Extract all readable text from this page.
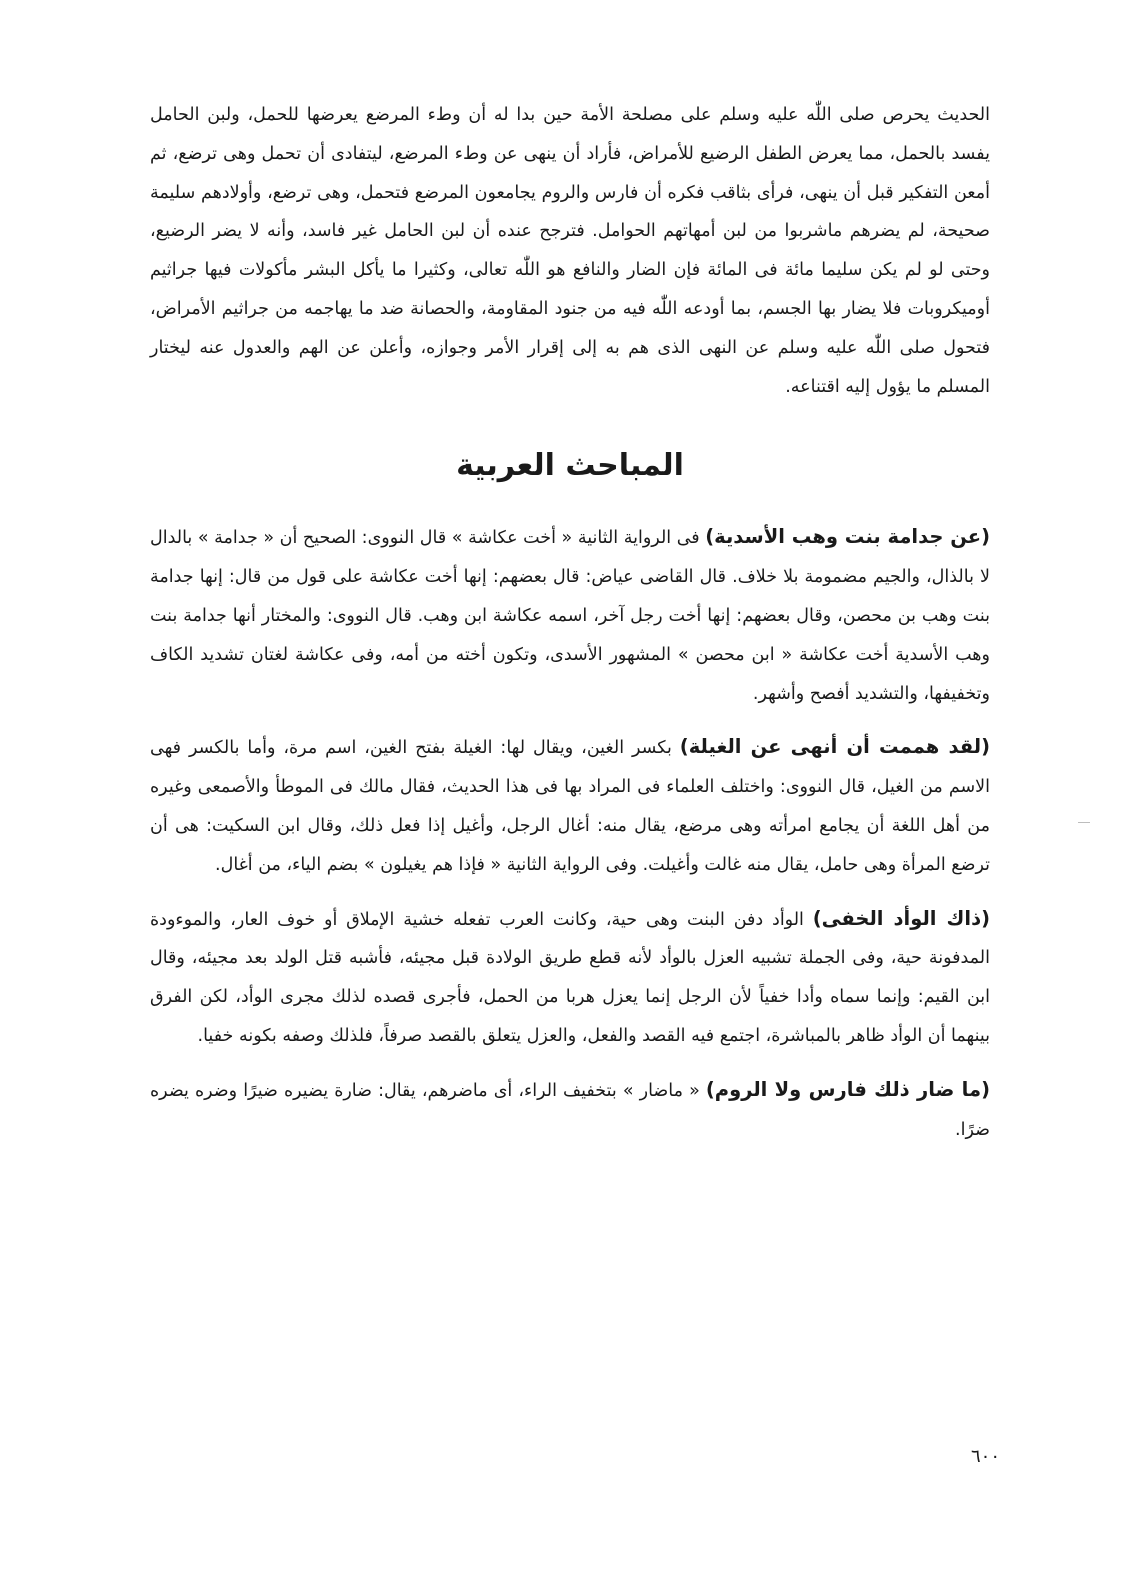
الحديث يحرص صلى اللّٰه عليه وسلم على مصلحة الأمة حين بدا له أن وطء المرضع يعرضها للحمل، ولبن الحامل يفسد بالحمل، مما يعرض الطفل الرضيع للأمراض، فأراد أن ينهى عن وطء المرضع، ليتفادى أن تحمل وهى ترضع، ثم أمعن التفكير قبل أن ينهى، فرأى بثاقب فكره أن فارس والروم يجامعون المرضع فتحمل، وهى ترضع، وأولادهم سليمة صحيحة، لم يضرهم ماشربوا من لبن أمهاتهم الحوامل. فترجح عنده أن لبن الحامل غير فاسد، وأنه لا يضر الرضيع، وحتى لو لم يكن سليما مائة فى المائة فإن الضار والنافع هو اللّٰه تعالى، وكثيرا ما يأكل البشر مأكولات فيها جراثيم أوميكروبات فلا يضار بها الجسم، بما أودعه اللّٰه فيه من جنود المقاومة، والحصانة ضد ما يهاجمه من جراثيم الأمراض، فتحول صلى اللّٰه عليه وسلم عن النهى الذى هم به إلى إقرار الأمر وجوازه، وأعلن عن الهم والعدول عنه ليختار المسلم ما يؤول إليه اقتناعه.

المباحث العربية

(عن جدامة بنت وهب الأسدية) فى الرواية الثانية « أخت عكاشة » قال النووى: الصحيح أن « جدامة » بالدال لا بالذال، والجيم مضمومة بلا خلاف. قال القاضى عياض: قال بعضهم: إنها أخت عكاشة على قول من قال: إنها جدامة بنت وهب بن محصن، وقال بعضهم: إنها أخت رجل آخر، اسمه عكاشة ابن وهب. قال النووى: والمختار أنها جدامة بنت وهب الأسدية أخت عكاشة « ابن محصن » المشهور الأسدى، وتكون أخته من أمه، وفى عكاشة لغتان تشديد الكاف وتخفيفها، والتشديد أفصح وأشهر.

(لقد هممت أن أنهى عن الغيلة) بكسر الغين، ويقال لها: الغيلة بفتح الغين، اسم مرة، وأما بالكسر فهى الاسم من الغيل، قال النووى: واختلف العلماء فى المراد بها فى هذا الحديث، فقال مالك فى الموطأ والأصمعى وغيره من أهل اللغة أن يجامع امرأته وهى مرضع، يقال منه: أغال الرجل، وأغيل إذا فعل ذلك، وقال ابن السكيت: هى أن ترضع المرأة وهى حامل، يقال منه غالت وأغيلت. وفى الرواية الثانية « فإذا هم يغيلون » بضم الياء، من أغال.

(ذاك الوأد الخفى) الوأد دفن البنت وهى حية، وكانت العرب تفعله خشية الإملاق أو خوف العار، والموءودة المدفونة حية، وفى الجملة تشبيه العزل بالوأد لأنه قطع طريق الولادة قبل مجيئه، فأشبه قتل الولد بعد مجيئه، وقال ابن القيم: وإنما سماه وأدا خفياً لأن الرجل إنما يعزل هربا من الحمل، فأجرى قصده لذلك مجرى الوأد، لكن الفرق بينهما أن الوأد ظاهر بالمباشرة، اجتمع فيه القصد والفعل، والعزل يتعلق بالقصد صرفاً، فلذلك وصفه بكونه خفيا.

(ما ضار ذلك فارس ولا الروم) « ماضار » بتخفيف الراء، أى ماضرهم، يقال: ضارة يضيره ضيرًا وضره يضره ضرًا.

٦٠٠
